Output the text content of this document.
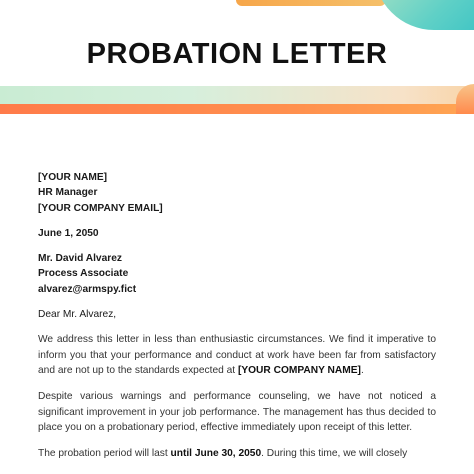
PROBATION LETTER
[YOUR NAME]
HR Manager
[YOUR COMPANY EMAIL]
June 1, 2050
Mr. David Alvarez
Process Associate
alvarez@armspy.fict
Dear Mr. Alvarez,

We address this letter in less than enthusiastic circumstances. We find it imperative to inform you that your performance and conduct at work have been far from satisfactory and are not up to the standards expected at [YOUR COMPANY NAME].

Despite various warnings and performance counseling, we have not noticed a significant improvement in your job performance. The management has thus decided to place you on a probationary period, effective immediately upon receipt of this letter.

The probation period will last until June 30, 2050. During this time, we will closely
